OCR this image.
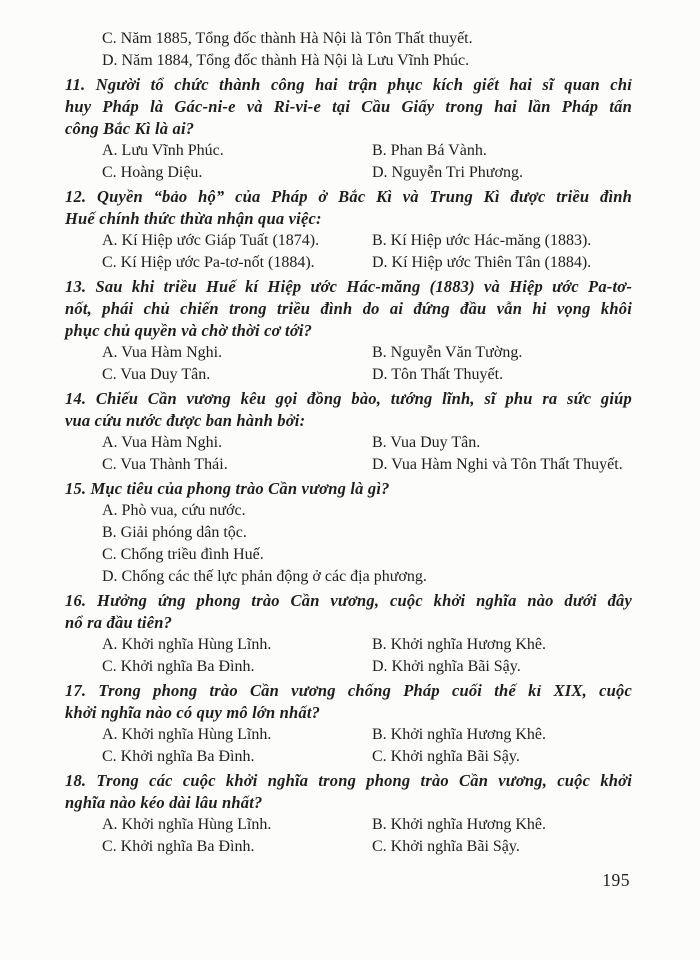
C. Năm 1885, Tổng đốc thành Hà Nội là Tôn Thất thuyết.
D. Năm 1884, Tổng đốc thành Hà Nội là Lưu Vĩnh Phúc.
11. Người tổ chức thành công hai trận phục kích giết hai sĩ quan chỉ
huy Pháp là Gác-ni-e và Ri-vi-e tại Cầu Giấy trong hai lần Pháp tấn
công Bắc Kì là ai?
A. Lưu Vĩnh Phúc.	B. Phan Bá Vành.
C. Hoàng Diệu.	D. Nguyễn Tri Phương.
12. Quyền “bảo hộ” của Pháp ở Bắc Kì và Trung Kì được triều đình
Huế chính thức thừa nhận qua việc:
A. Kí Hiệp ước Giáp Tuất (1874).	B. Kí Hiệp ước Hác-măng (1883).
C. Kí Hiệp ước Pa-tơ-nốt (1884).	D. Kí Hiệp ước Thiên Tân (1884).
13. Sau khi triều Huế kí Hiệp ước Hác-măng (1883) và Hiệp ước Pa-tơ-
nốt, phái chủ chiến trong triều đình do ai đứng đầu vẫn hi vọng khôi
phục chủ quyền và chờ thời cơ tới?
A. Vua Hàm Nghi.	B. Nguyễn Văn Tường.
C. Vua Duy Tân.	D. Tôn Thất Thuyết.
14. Chiếu Cần vương kêu gọi đồng bào, tướng lĩnh, sĩ phu ra sức giúp
vua cứu nước được ban hành bởi:
A. Vua Hàm Nghi.	B. Vua Duy Tân.
C. Vua Thành Thái.	D. Vua Hàm Nghi và Tôn Thất Thuyết.
15. Mục tiêu của phong trào Cần vương là gì?
A. Phò vua, cứu nước.
B. Giải phóng dân tộc.
C. Chống triều đình Huế.
D. Chống các thế lực phản động ở các địa phương.
16. Hưởng ứng phong trào Cần vương, cuộc khởi nghĩa nào dưới đây
nổ ra đầu tiên?
A. Khởi nghĩa Hùng Lĩnh.	B. Khởi nghĩa Hương Khê.
C. Khởi nghĩa Ba Đình.	D. Khởi nghĩa Bãi Sậy.
17. Trong phong trào Cần vương chống Pháp cuối thế kỉ XIX, cuộc
khởi nghĩa nào có quy mô lớn nhất?
A. Khởi nghĩa Hùng Lĩnh.	B. Khởi nghĩa Hương Khê.
C. Khởi nghĩa Ba Đình.	C. Khởi nghĩa Bãi Sậy.
18. Trong các cuộc khởi nghĩa trong phong trào Cần vương, cuộc khởi
nghĩa nào kéo dài lâu nhất?
A. Khởi nghĩa Hùng Lĩnh.	B. Khởi nghĩa Hương Khê.
C. Khởi nghĩa Ba Đình.	C. Khởi nghĩa Bãi Sậy.
195
